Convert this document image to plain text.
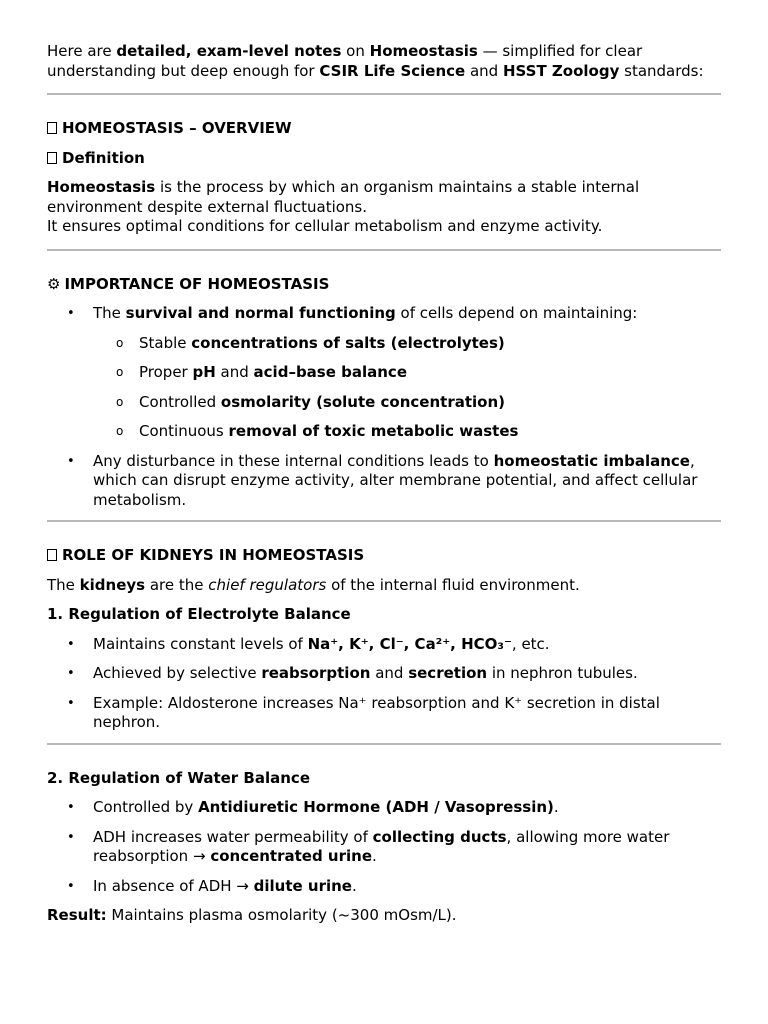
Here are detailed, exam-level notes on Homeostasis — simplified for clear understanding but deep enough for CSIR Life Science and HSST Zoology standards:

HOMEOSTASIS – OVERVIEW

Definition

Homeostasis is the process by which an organism maintains a stable internal environment despite external fluctuations.
It ensures optimal conditions for cellular metabolism and enzyme activity.

⚙ IMPORTANCE OF HOMEOSTASIS

• The survival and normal functioning of cells depend on maintaining:
o Stable concentrations of salts (electrolytes)
o Proper pH and acid–base balance
o Controlled osmolarity (solute concentration)
o Continuous removal of toxic metabolic wastes
• Any disturbance in these internal conditions leads to homeostatic imbalance, which can disrupt enzyme activity, alter membrane potential, and affect cellular metabolism.

ROLE OF KIDNEYS IN HOMEOSTASIS

The kidneys are the chief regulators of the internal fluid environment.

1. Regulation of Electrolyte Balance

• Maintains constant levels of Na⁺, K⁺, Cl⁻, Ca²⁺, HCO₃⁻, etc.
• Achieved by selective reabsorption and secretion in nephron tubules.
• Example: Aldosterone increases Na⁺ reabsorption and K⁺ secretion in distal nephron.

2. Regulation of Water Balance

• Controlled by Antidiuretic Hormone (ADH / Vasopressin).
• ADH increases water permeability of collecting ducts, allowing more water reabsorption → concentrated urine.
• In absence of ADH → dilute urine.

Result: Maintains plasma osmolarity (~300 mOsm/L).
